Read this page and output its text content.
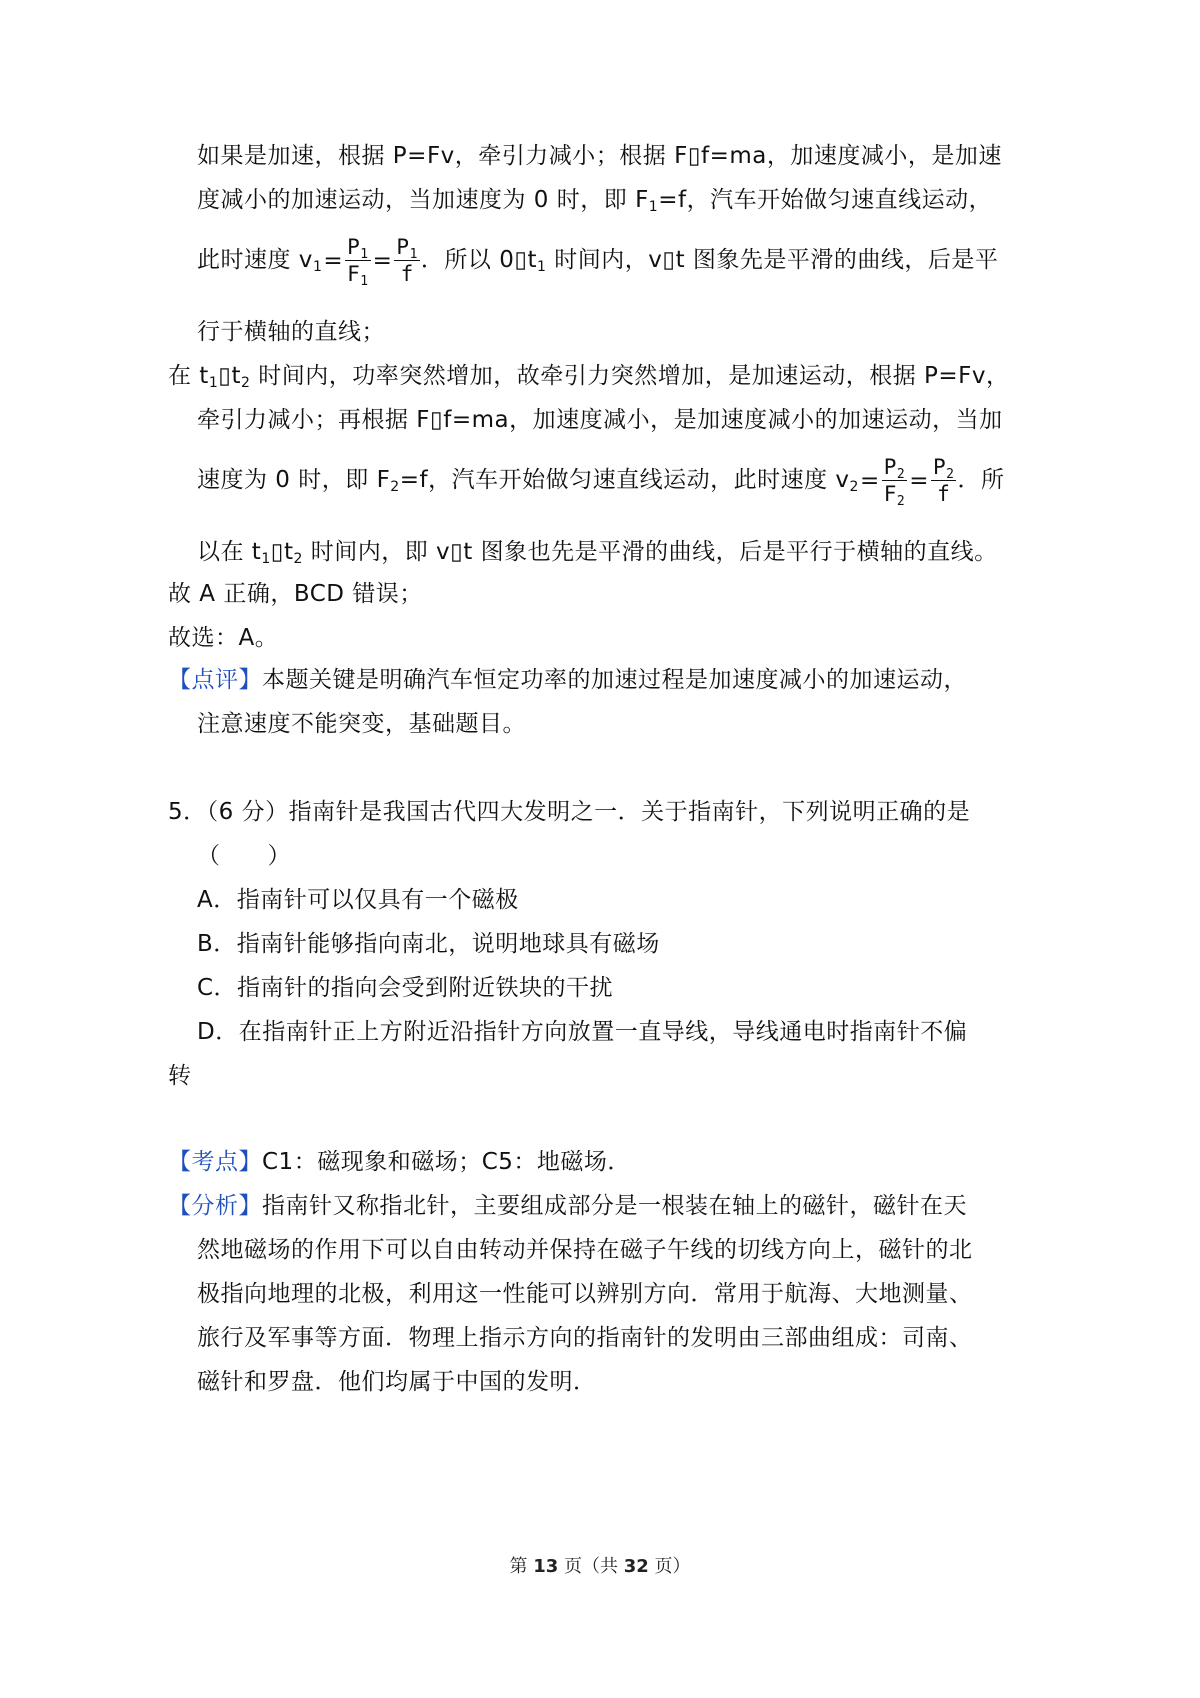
如果是加速，根据 P=Fv，牵引力减小；根据 F▯f=ma，加速度减小，是加速
度减小的加速运动，当加速度为 0 时，即 $F_1=f$，汽车开始做匀速直线运动，
此时速度 $v_1= \frac{P_1}{F_1} = \frac{P_1}{f}$ ．所以 $0▯t_1$ 时间内，v▯t 图象先是平滑的曲线，后是平
行于横轴的直线；
在 $t_1▯t_2$ 时间内，功率突然增加，故牵引力突然增加，是加速运动，根据 P=Fv，
牵引力减小；再根据 F▯f=ma，加速度减小，是加速度减小的加速运动，当加
速度为 0 时，即 $F_2=f$，汽车开始做匀速直线运动，此时速度 $v_2= \frac{P_2}{F_2} = \frac{P_2}{f}$ ．所
以在 $t_1▯t_2$ 时间内，即 v▯t 图象也先是平滑的曲线，后是平行于横轴的直线。
故 A 正确，BCD 错误；
故选：A。
【点评】本题关键是明确汽车恒定功率的加速过程是加速度减小的加速运动，
注意速度不能突变，基础题目。
5．（6 分）指南针是我国古代四大发明之一．关于指南针，下列说明正确的是
（　　）
A．指南针可以仅具有一个磁极
B．指南针能够指向南北，说明地球具有磁场
C．指南针的指向会受到附近铁块的干扰
D．在指南针正上方附近沿指针方向放置一直导线，导线通电时指南针不偏
转
【考点】C1：磁现象和磁场；C5：地磁场．
【分析】指南针又称指北针，主要组成部分是一根装在轴上的磁针，磁针在天
然地磁场的作用下可以自由转动并保持在磁子午线的切线方向上，磁针的北
极指向地理的北极，利用这一性能可以辨别方向．常用于航海、大地测量、
旅行及军事等方面．物理上指示方向的指南针的发明由三部曲组成：司南、
磁针和罗盘．他们均属于中国的发明．
第 13 页（共 32 页）
